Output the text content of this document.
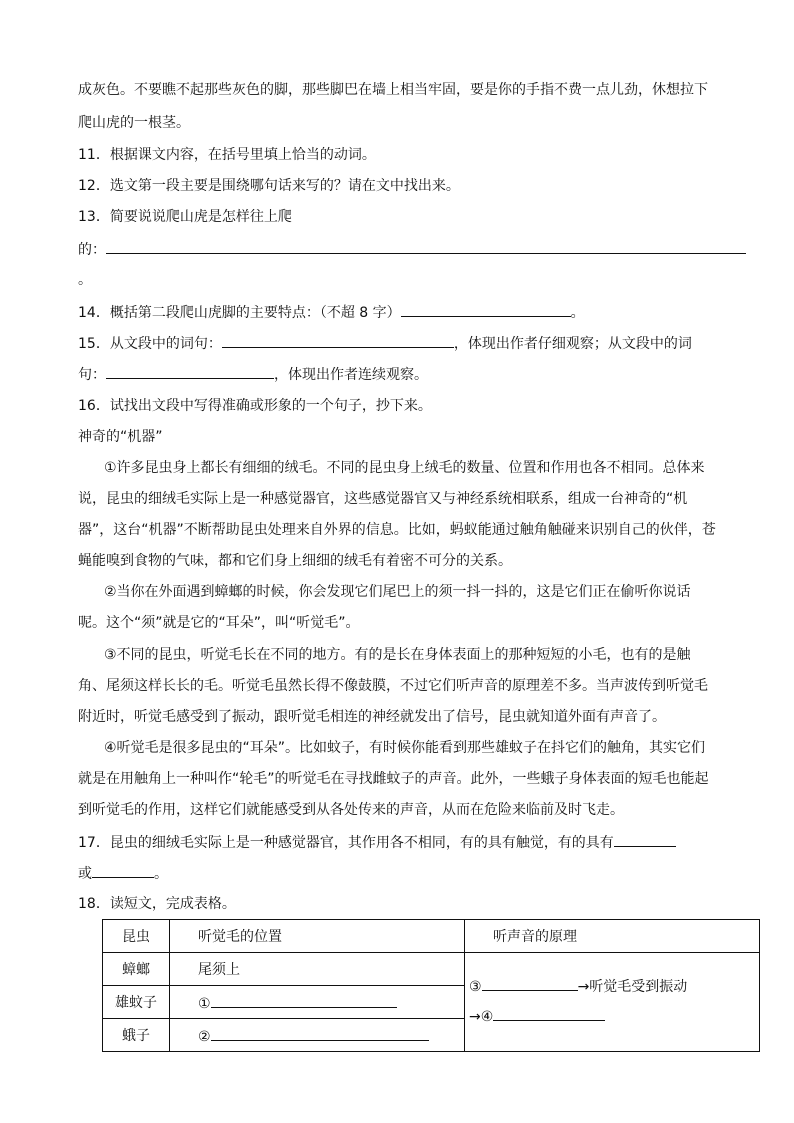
成灰色。不要瞧不起那些灰色的脚，那些脚巴在墙上相当牢固，要是你的手指不费一点儿劲，休想拉下
爬山虎的一根茎。
11．根据课文内容，在括号里填上恰当的动词。
12．选文第一段主要是围绕哪句话来写的？请在文中找出来。
13．简要说说爬山虎是怎样往上爬
的：
。
14．概括第二段爬山虎脚的主要特点：（不超 8 字）	。
15．从文段中的词句：	，体现出作者仔细观察；从文段中的词
句：	，体现出作者连续观察。
16．试找出文段中写得准确或形象的一个句子，抄下来。
神奇的“机器”
①许多昆虫身上都长有细细的绒毛。不同的昆虫身上绒毛的数量、位置和作用也各不相同。总体来
说，昆虫的细绒毛实际上是一种感觉器官，这些感觉器官又与神经系统相联系，组成一台神奇的“机
器”，这台“机器”不断帮助昆虫处理来自外界的信息。比如，蚂蚁能通过触角触碰来识别自己的伙伴，苍
蝇能嗅到食物的气味，都和它们身上细细的绒毛有着密不可分的关系。
②当你在外面遇到蟑螂的时候，你会发现它们尾巴上的须一抖一抖的，这是它们正在偷听你说话
呢。这个“须”就是它的“耳朵”，叫“听觉毛”。
③不同的昆虫，听觉毛长在不同的地方。有的是长在身体表面上的那种短短的小毛，也有的是触
角、尾须这样长长的毛。听觉毛虽然长得不像鼓膜，不过它们听声音的原理差不多。当声波传到听觉毛
附近时，听觉毛感受到了振动，跟听觉毛相连的神经就发出了信号，昆虫就知道外面有声音了。
④听觉毛是很多昆虫的“耳朵”。比如蚊子，有时候你能看到那些雄蚊子在抖它们的触角，其实它们
就是在用触角上一种叫作“轮毛”的听觉毛在寻找雌蚊子的声音。此外，一些蛾子身体表面的短毛也能起
到听觉毛的作用，这样它们就能感受到从各处传来的声音，从而在危险来临前及时飞走。
17．昆虫的细绒毛实际上是一种感觉器官，其作用各不相同，有的具有触觉，有的具有
或	。
18．读短文，完成表格。
昆虫	听觉毛的位置	听声音的原理
蟑螂	尾须上	③ →听觉毛受到振动
→④

雄蚊子	①	
蛾子	②	
